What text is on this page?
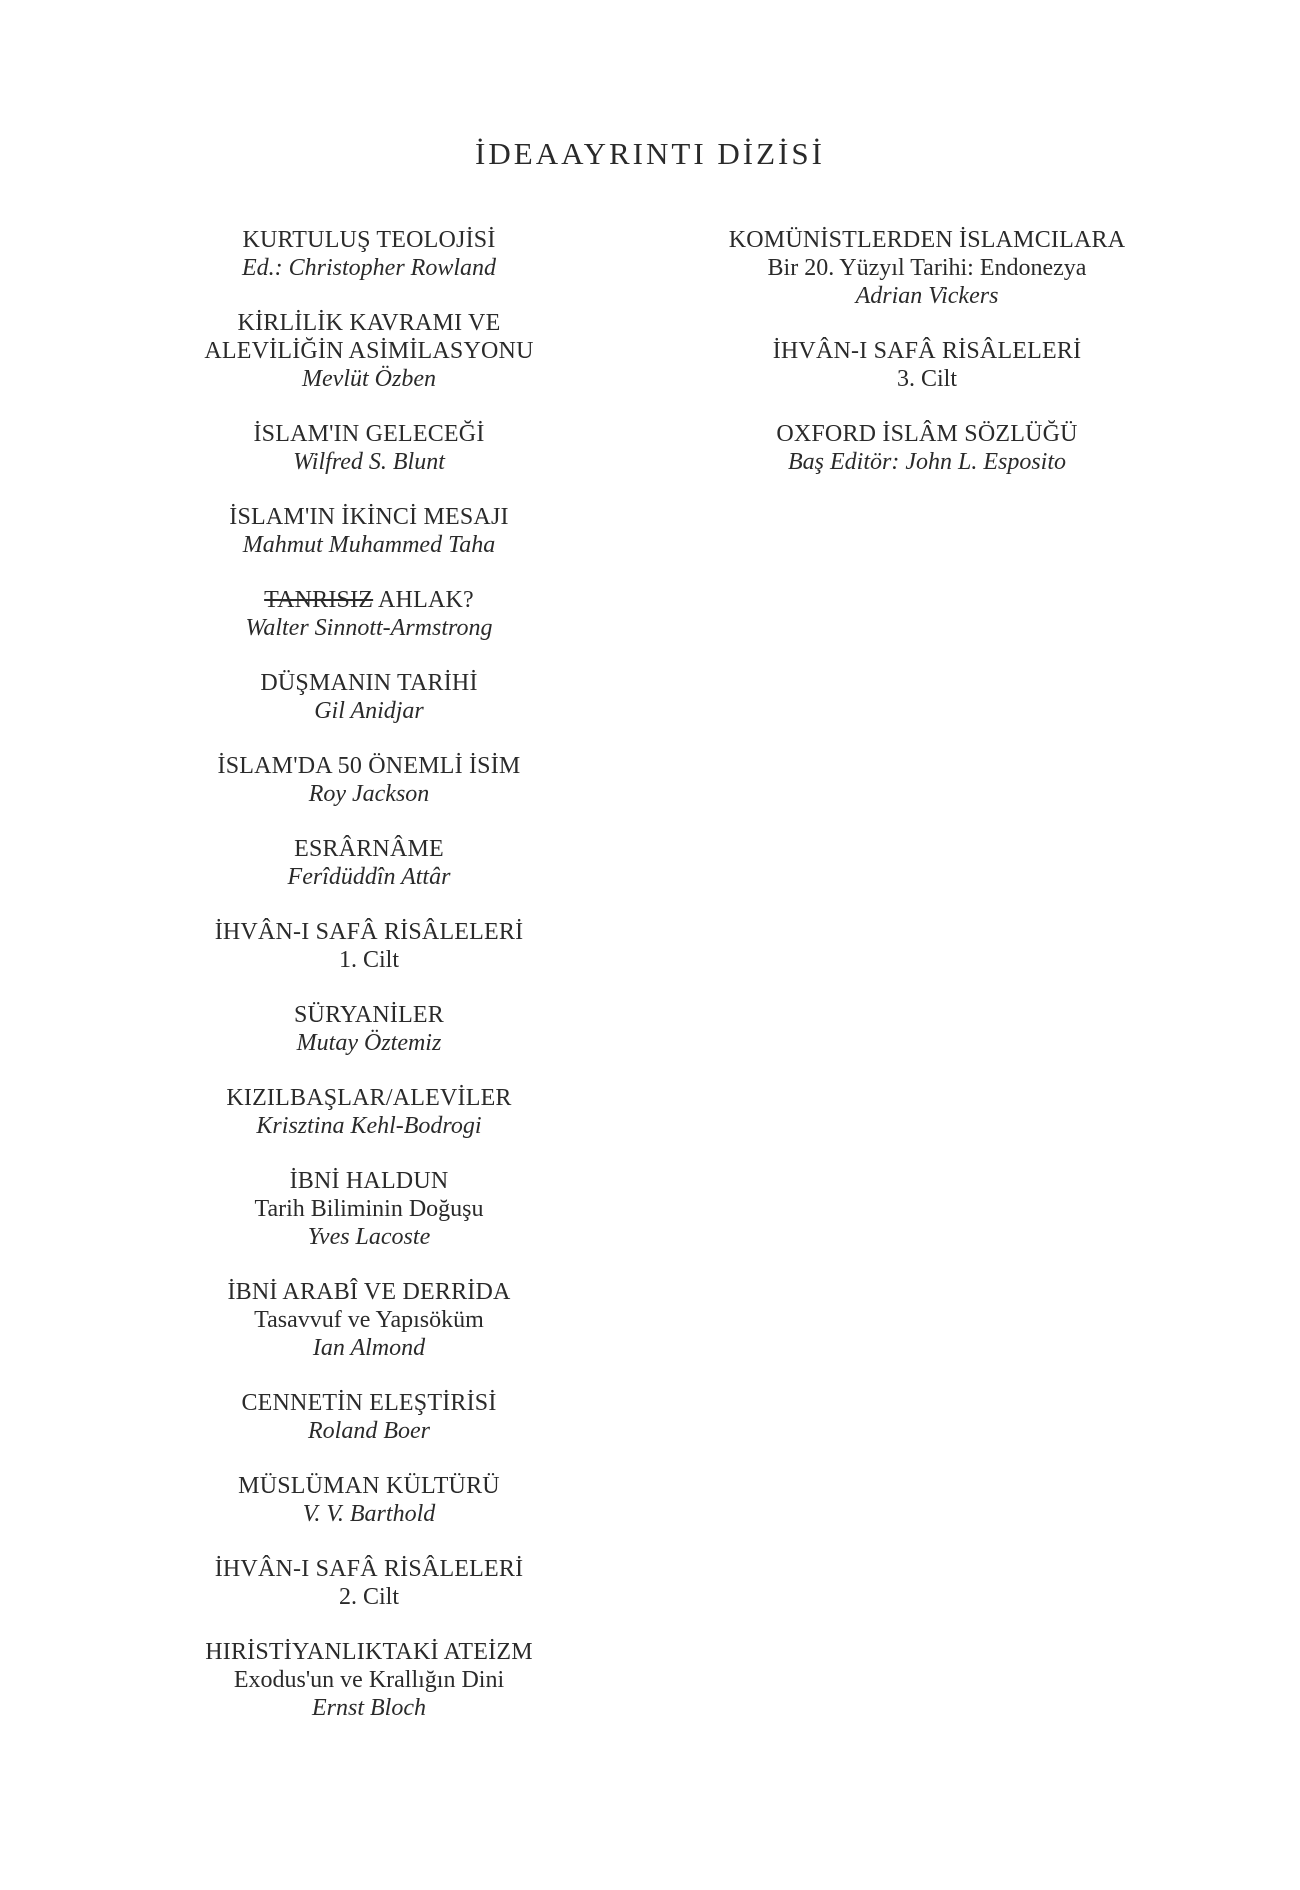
İDEAAYRINTI DİZİSİ
KURTULUŞ TEOLOJİSİ
Ed.: Christopher Rowland
KİRLİLİK KAVRAMI VE
ALEVİLİĞİN ASİMİLASYONU
Mevlüt Özben
İSLAM'IN GELECEĞİ
Wilfred S. Blunt
İSLAM'IN İKİNCİ MESAJI
Mahmut Muhammed Taha
TANRISIZ AHLAK?
Walter Sinnott-Armstrong
DÜŞMANIN TARİHİ
Gil Anidjar
İSLAM'DA 50 ÖNEMLİ İSİM
Roy Jackson
ESRÂRNÂME
Ferîdüddîn Attâr
İHVÂN-I SAFÂ RİSÂLELERİ
1. Cilt
SÜRYANİLER
Mutay Öztemiz
KIZILBAŞLAR/ALEVİLER
Krisztina Kehl-Bodrogi
İBNİ HALDUN
Tarih Biliminin Doğuşu
Yves Lacoste
İBNİ ARABÎ VE DERRİDA
Tasavvuf ve Yapısöküm
Ian Almond
CENNETİN ELEŞTİRİSİ
Roland Boer
MÜSLÜMAN KÜLTÜRÜ
V. V. Barthold
İHVÂN-I SAFÂ RİSÂLELERİ
2. Cilt
HIRİSTİYANLIKTAKİ ATEİZM
Exodus'un ve Krallığın Dini
Ernst Bloch
KOMÜNİSTLERDEN İSLAMCILARA
Bir 20. Yüzyıl Tarihi: Endonezya
Adrian Vickers
İHVÂN-I SAFÂ RİSÂLELERİ
3. Cilt
OXFORD İSLÂM SÖZLÜĞÜ
Baş Editör: John L. Esposito
